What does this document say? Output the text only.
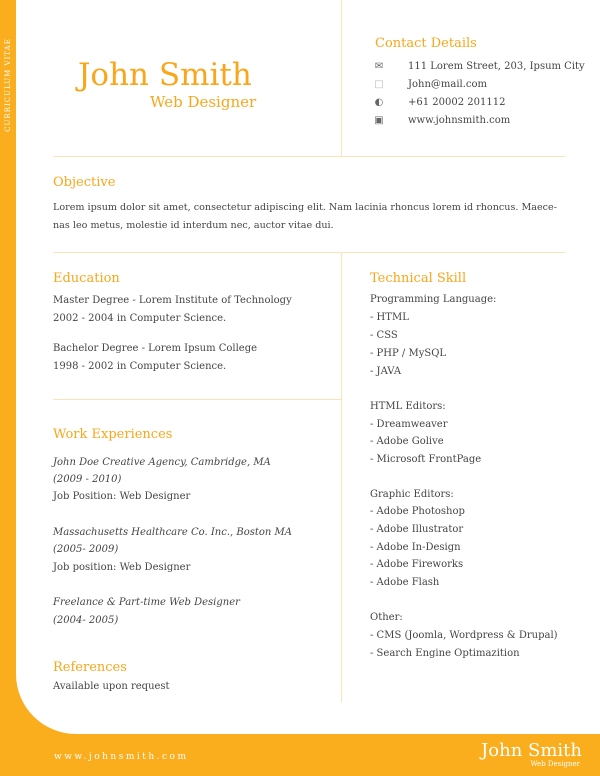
CURRICULUM VITAE John Smith
Web Designer
Contact Details
✉ 111 Lorem Street, 203, Ipsum City
□ John@mail.com
◐ +61 20002 201112
▣ www.johnsmith.com
Objective
Lorem ipsum dolor sit amet, consectetur adipiscing elit. Nam lacinia rhoncus lorem id rhoncus. Maece-
nas leo metus, molestie id interdum nec, auctor vitae dui.
Education
Master Degree - Lorem Institute of Technology
2002 - 2004 in Computer Science.
Bachelor Degree - Lorem Ipsum College
1998 - 2002 in Computer Science.
Work Experiences
John Doe Creative Agency, Cambridge, MA
(2009 - 2010)
Job Position: Web Designer
Massachusetts Healthcare Co. Inc., Boston MA
(2005- 2009)
Job position: Web Designer
Freelance & Part-time Web Designer
(2004- 2005)
References
Available upon request
Technical Skill
Programming Language:
- HTML
- CSS
- PHP / MySQL
- JAVA
HTML Editors:
- Dreamweaver
- Adobe Golive
- Microsoft FrontPage
Graphic Editors:
- Adobe Photoshop
- Adobe Illustrator
- Adobe In-Design
- Adobe Fireworks
- Adobe Flash
Other:
- CMS (Joomla, Wordpress & Drupal)
- Search Engine Optimazition
www.johnsmith.com	John Smith
Web Designer
